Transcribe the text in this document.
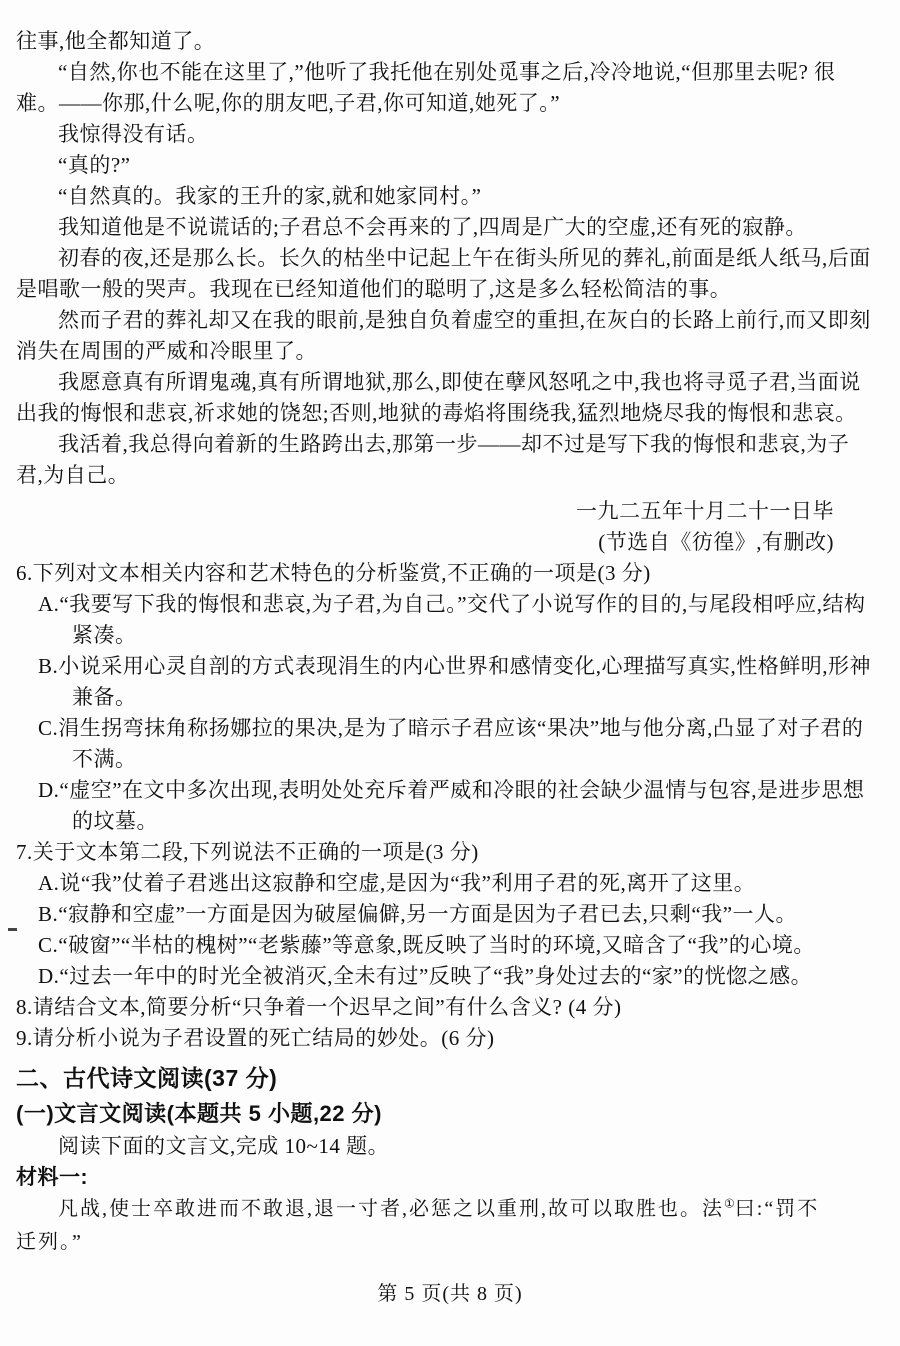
往事,他全都知道了。
“自然,你也不能在这里了,”他听了我托他在别处觅事之后,冷冷地说,“但那里去呢? 很
难。——你那,什么呢,你的朋友吧,子君,你可知道,她死了。”
我惊得没有话。
“真的?”
“自然真的。我家的王升的家,就和她家同村。”
我知道他是不说谎话的;子君总不会再来的了,四周是广大的空虚,还有死的寂静。
初春的夜,还是那么长。长久的枯坐中记起上午在街头所见的葬礼,前面是纸人纸马,后面
是唱歌一般的哭声。我现在已经知道他们的聪明了,这是多么轻松简洁的事。
然而子君的葬礼却又在我的眼前,是独自负着虚空的重担,在灰白的长路上前行,而又即刻
消失在周围的严威和冷眼里了。
我愿意真有所谓鬼魂,真有所谓地狱,那么,即使在孽风怒吼之中,我也将寻觅子君,当面说
出我的悔恨和悲哀,祈求她的饶恕;否则,地狱的毒焰将围绕我,猛烈地烧尽我的悔恨和悲哀。
我活着,我总得向着新的生路跨出去,那第一步——却不过是写下我的悔恨和悲哀,为子
君,为自己。
一九二五年十月二十一日毕
(节选自《彷徨》,有删改)
6.下列对文本相关内容和艺术特色的分析鉴赏,不正确的一项是(3 分)
A.“我要写下我的悔恨和悲哀,为子君,为自己。”交代了小说写作的目的,与尾段相呼应,结构
紧凑。
B.小说采用心灵自剖的方式表现涓生的内心世界和感情变化,心理描写真实,性格鲜明,形神
兼备。
C.涓生拐弯抹角称扬娜拉的果决,是为了暗示子君应该“果决”地与他分离,凸显了对子君的
不满。
D.“虚空”在文中多次出现,表明处处充斥着严威和冷眼的社会缺少温情与包容,是进步思想
的坟墓。
7.关于文本第二段,下列说法不正确的一项是(3 分)
A.说“我”仗着子君逃出这寂静和空虚,是因为“我”利用子君的死,离开了这里。
B.“寂静和空虚”一方面是因为破屋偏僻,另一方面是因为子君已去,只剩“我”一人。
C.“破窗”“半枯的槐树”“老紫藤”等意象,既反映了当时的环境,又暗含了“我”的心境。
D.“过去一年中的时光全被消灭,全未有过”反映了“我”身处过去的“家”的恍惚之感。
8.请结合文本,简要分析“只争着一个迟早之间”有什么含义? (4 分)
9.请分析小说为子君设置的死亡结局的妙处。(6 分)
二、古代诗文阅读(37 分)
(一)文言文阅读(本题共 5 小题,22 分)
阅读下面的文言文,完成 10~14 题。
材料一:
凡战,使士卒敢进而不敢退,退一寸者,必惩之以重刑,故可以取胜也。法①曰:“罚不
迁列。”
第 5 页(共 8 页)
